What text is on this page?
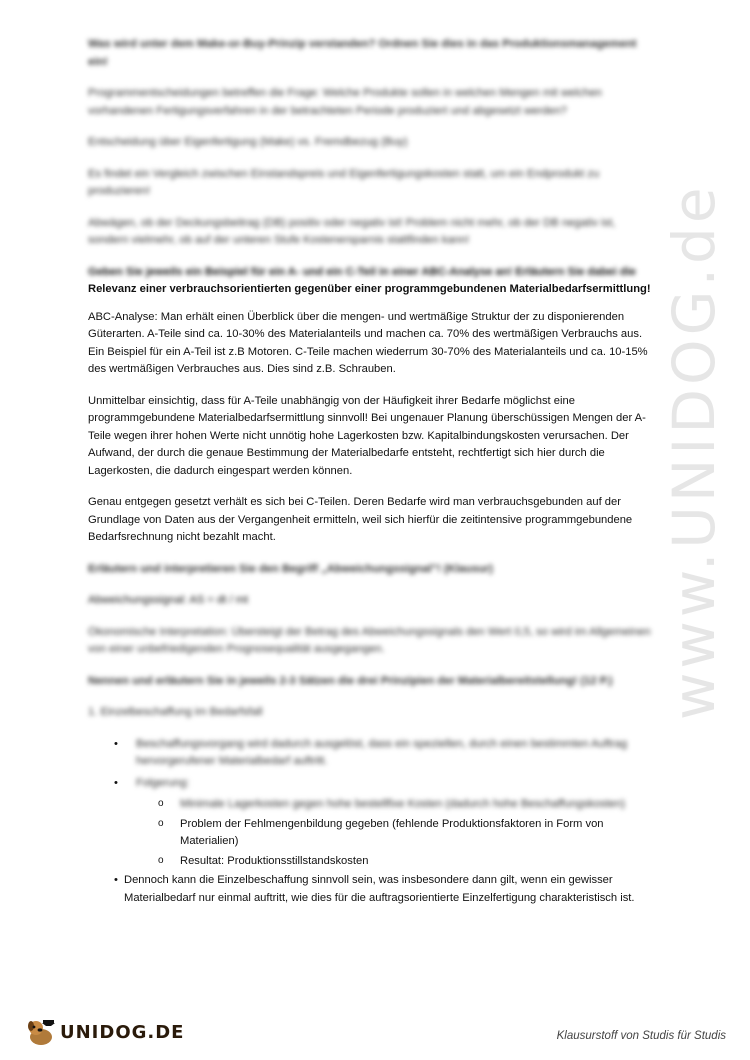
www.UNIDOG.de

Was wird unter dem Make-or-Buy-Prinzip verstanden? Ordnen Sie dies in das Produktionsmanagement ein!

Programmentscheidungen betreffen die Frage: Welche Produkte sollen in welchen Mengen mit welchen vorhandenen Fertigungsverfahren in der betrachteten Periode produziert und abgesetzt werden?

Entscheidung über Eigenfertigung (Make) vs. Fremdbezug (Buy)

Es findet ein Vergleich zwischen Einstandspreis und Eigenfertigungskosten statt, um ein Endprodukt zu produzieren!

Abwägen, ob der Deckungsbeitrag (DB) positiv oder negativ ist! Problem nicht mehr, ob der DB negativ ist, sondern vielmehr, ob auf der unteren Stufe Kostenersparnis stattfinden kann!

Geben Sie jeweils ein Beispiel für ein A- und ein C-Teil in einer ABC-Analyse an! Erläutern Sie dabei die
Relevanz einer verbrauchsorientierten gegenüber einer programmgebundenen Materialbedarfsermittlung!

ABC-Analyse: Man erhält einen Überblick über die mengen- und wertmäßige Struktur der zu disponierenden Güterarten. A-Teile sind ca. 10-30% des Materialanteils und machen ca. 70% des wertmäßigen Verbrauchs aus. Ein Beispiel für ein A-Teil ist z.B Motoren. C-Teile machen wiederrum 30-70% des Materialanteils und ca. 10-15% des wertmäßigen Verbrauches aus. Dies sind z.B. Schrauben.

Unmittelbar einsichtig, dass für A-Teile unabhängig von der Häufigkeit ihrer Bedarfe möglichst eine programmgebundene Materialbedarfsermittlung sinnvoll! Bei ungenauer Planung überschüssigen Mengen der A-Teile wegen ihrer hohen Werte nicht unnötig hohe Lagerkosten bzw. Kapitalbindungskosten verursachen. Der Aufwand, der durch die genaue Bestimmung der Materialbedarfe entsteht, rechtfertigt sich hier durch die Lagerkosten, die dadurch eingespart werden können.

Genau entgegen gesetzt verhält es sich bei C-Teilen. Deren Bedarfe wird man verbrauchsgebunden auf der Grundlage von Daten aus der Vergangenheit ermitteln, weil sich hierfür die zeitintensive programmgebundene Bedarfsrechnung nicht bezahlt macht.

Erläutern und interpretieren Sie den Begriff „Abweichungssignal"! (Klausur)

Abweichungssignal: AS = dt / mt

Ökonomische Interpretation: Übersteigt der Betrag des Abweichungssignals den Wert 0,5, so wird im Allgemeinen von einer unbefriedigenden Prognosequalität ausgegangen.

Nennen und erläutern Sie in jeweils 2-3 Sätzen die drei Prinzipien der Materialbereitstellung! (12 P.)

1. Einzelbeschaffung im Bedarfsfall

• Beschaffungsvorgang wird dadurch ausgelöst, dass ein speziellen, durch einen bestimmten Auftrag hervorgerufener Materialbedarf auftritt.
• Folgerung:
o Minimale Lagerkosten gegen hohe bestellfixe Kosten (dadurch hohe Beschaffungskosten)
o Problem der Fehlmengenbildung gegeben (fehlende Produktionsfaktoren in Form von Materialien)
o Resultat: Produktionsstillstandskosten
• Dennoch kann die Einzelbeschaffung sinnvoll sein, was insbesondere dann gilt, wenn ein gewisser Materialbedarf nur einmal auftritt, wie dies für die auftragsorientierte Einzelfertigung charakteristisch ist.
UNIDOG.DE	Klausurstoff von Studis für Studis
